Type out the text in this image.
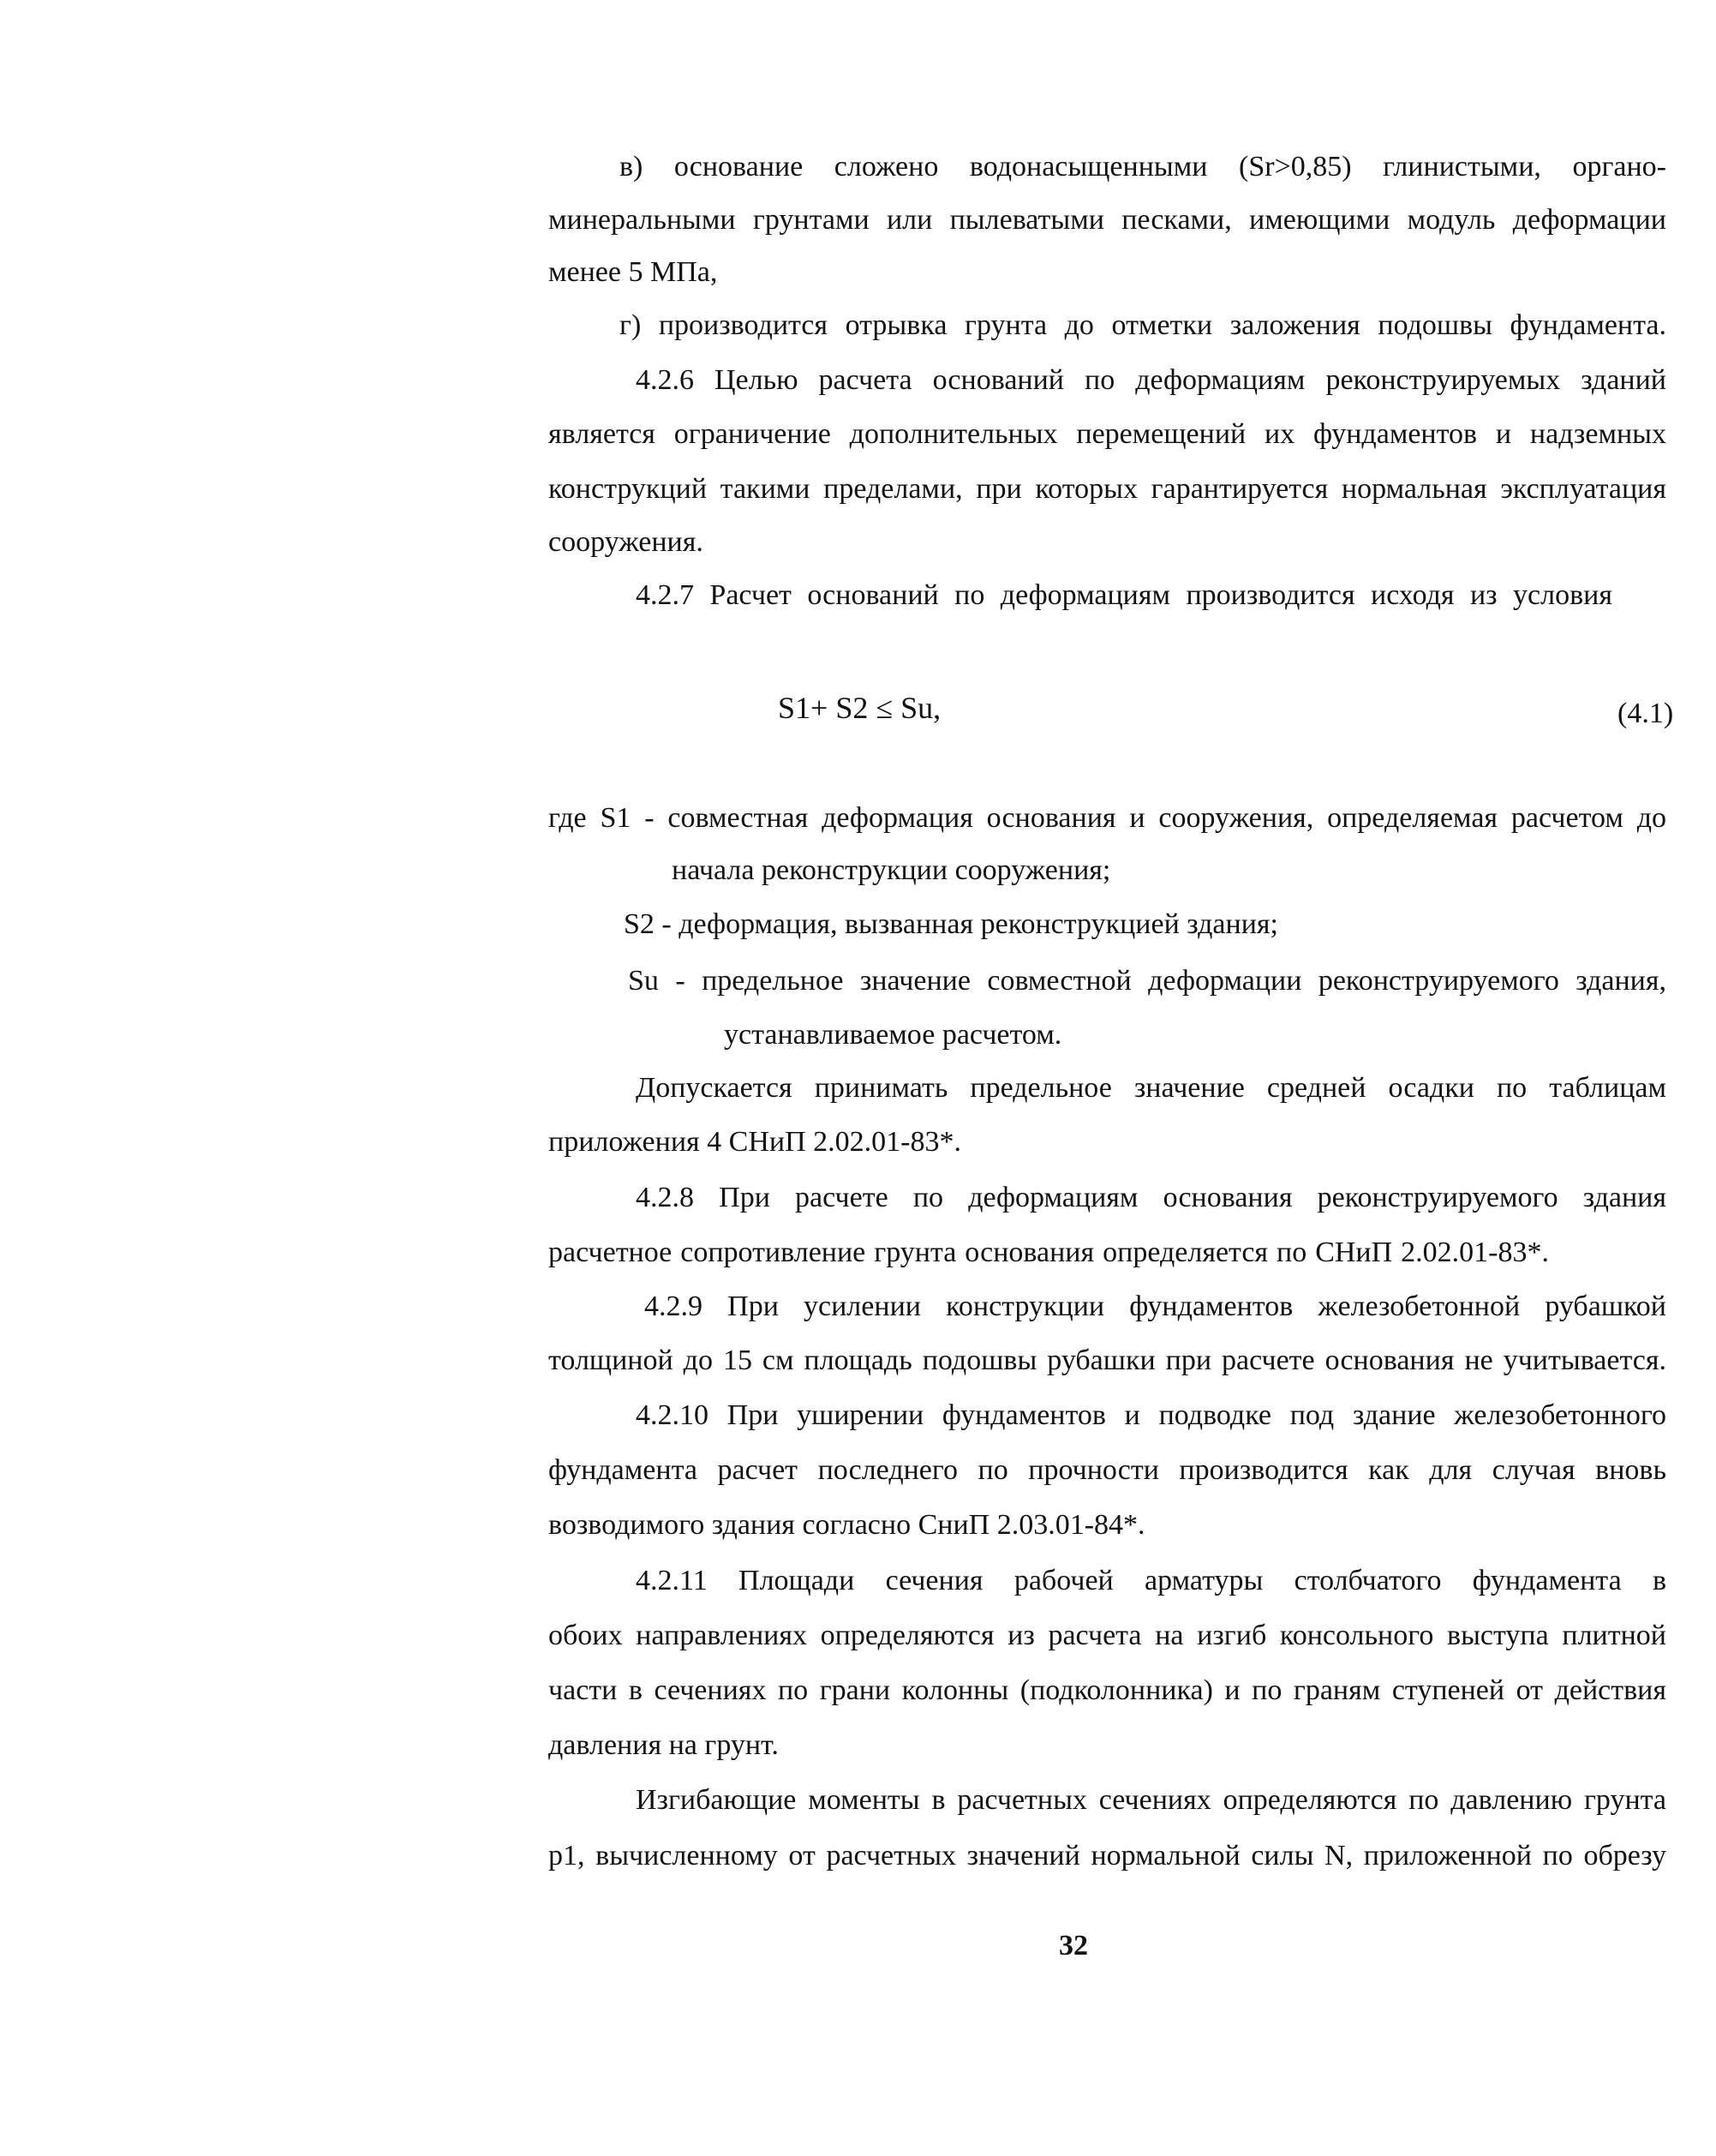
в) основание сложено водонасыщенными (Sr>0,85) глинистыми, органо-
минеральными грунтами или пылеватыми песками, имеющими модуль деформации
менее 5 МПа,
г) производится отрывка грунта до отметки заложения подошвы фундамента.
4.2.6 Целью расчета оснований по деформациям реконструируемых зданий
является ограничение дополнительных перемещений их фундаментов и надземных
конструкций такими пределами, при которых гарантируется нормальная эксплуатация
сооружения.
4.2.7 Расчет оснований по деформациям производится исходя из условия
S1+ S2 ≤ Su,	(4.1)
где S1 - совместная деформация основания и сооружения, определяемая расчетом до
начала реконструкции сооружения;
S2 - деформация, вызванная реконструкцией здания;
Su - предельное значение совместной деформации реконструируемого здания,
устанавливаемое расчетом.
Допускается принимать предельное значение средней осадки по таблицам
приложения 4 СНиП 2.02.01-83*.
4.2.8 При расчете по деформациям основания реконструируемого здания
расчетное сопротивление грунта основания определяется по СНиП 2.02.01-83*.
4.2.9 При усилении конструкции фундаментов железобетонной рубашкой
толщиной до 15 см площадь подошвы рубашки при расчете основания не учитывается.
4.2.10 При уширении фундаментов и подводке под здание железобетонного
фундамента расчет последнего по прочности производится как для случая вновь
возводимого здания согласно СниП 2.03.01-84*.
4.2.11 Площади сечения рабочей арматуры столбчатого фундамента в
обоих направлениях определяются из расчета на изгиб консольного выступа плитной
части в сечениях по грани колонны (подколонника) и по граням ступеней от действия
давления на грунт.
Изгибающие моменты в расчетных сечениях определяются по давлению грунта
p1, вычисленному от расчетных значений нормальной силы N, приложенной по обрезу
32
